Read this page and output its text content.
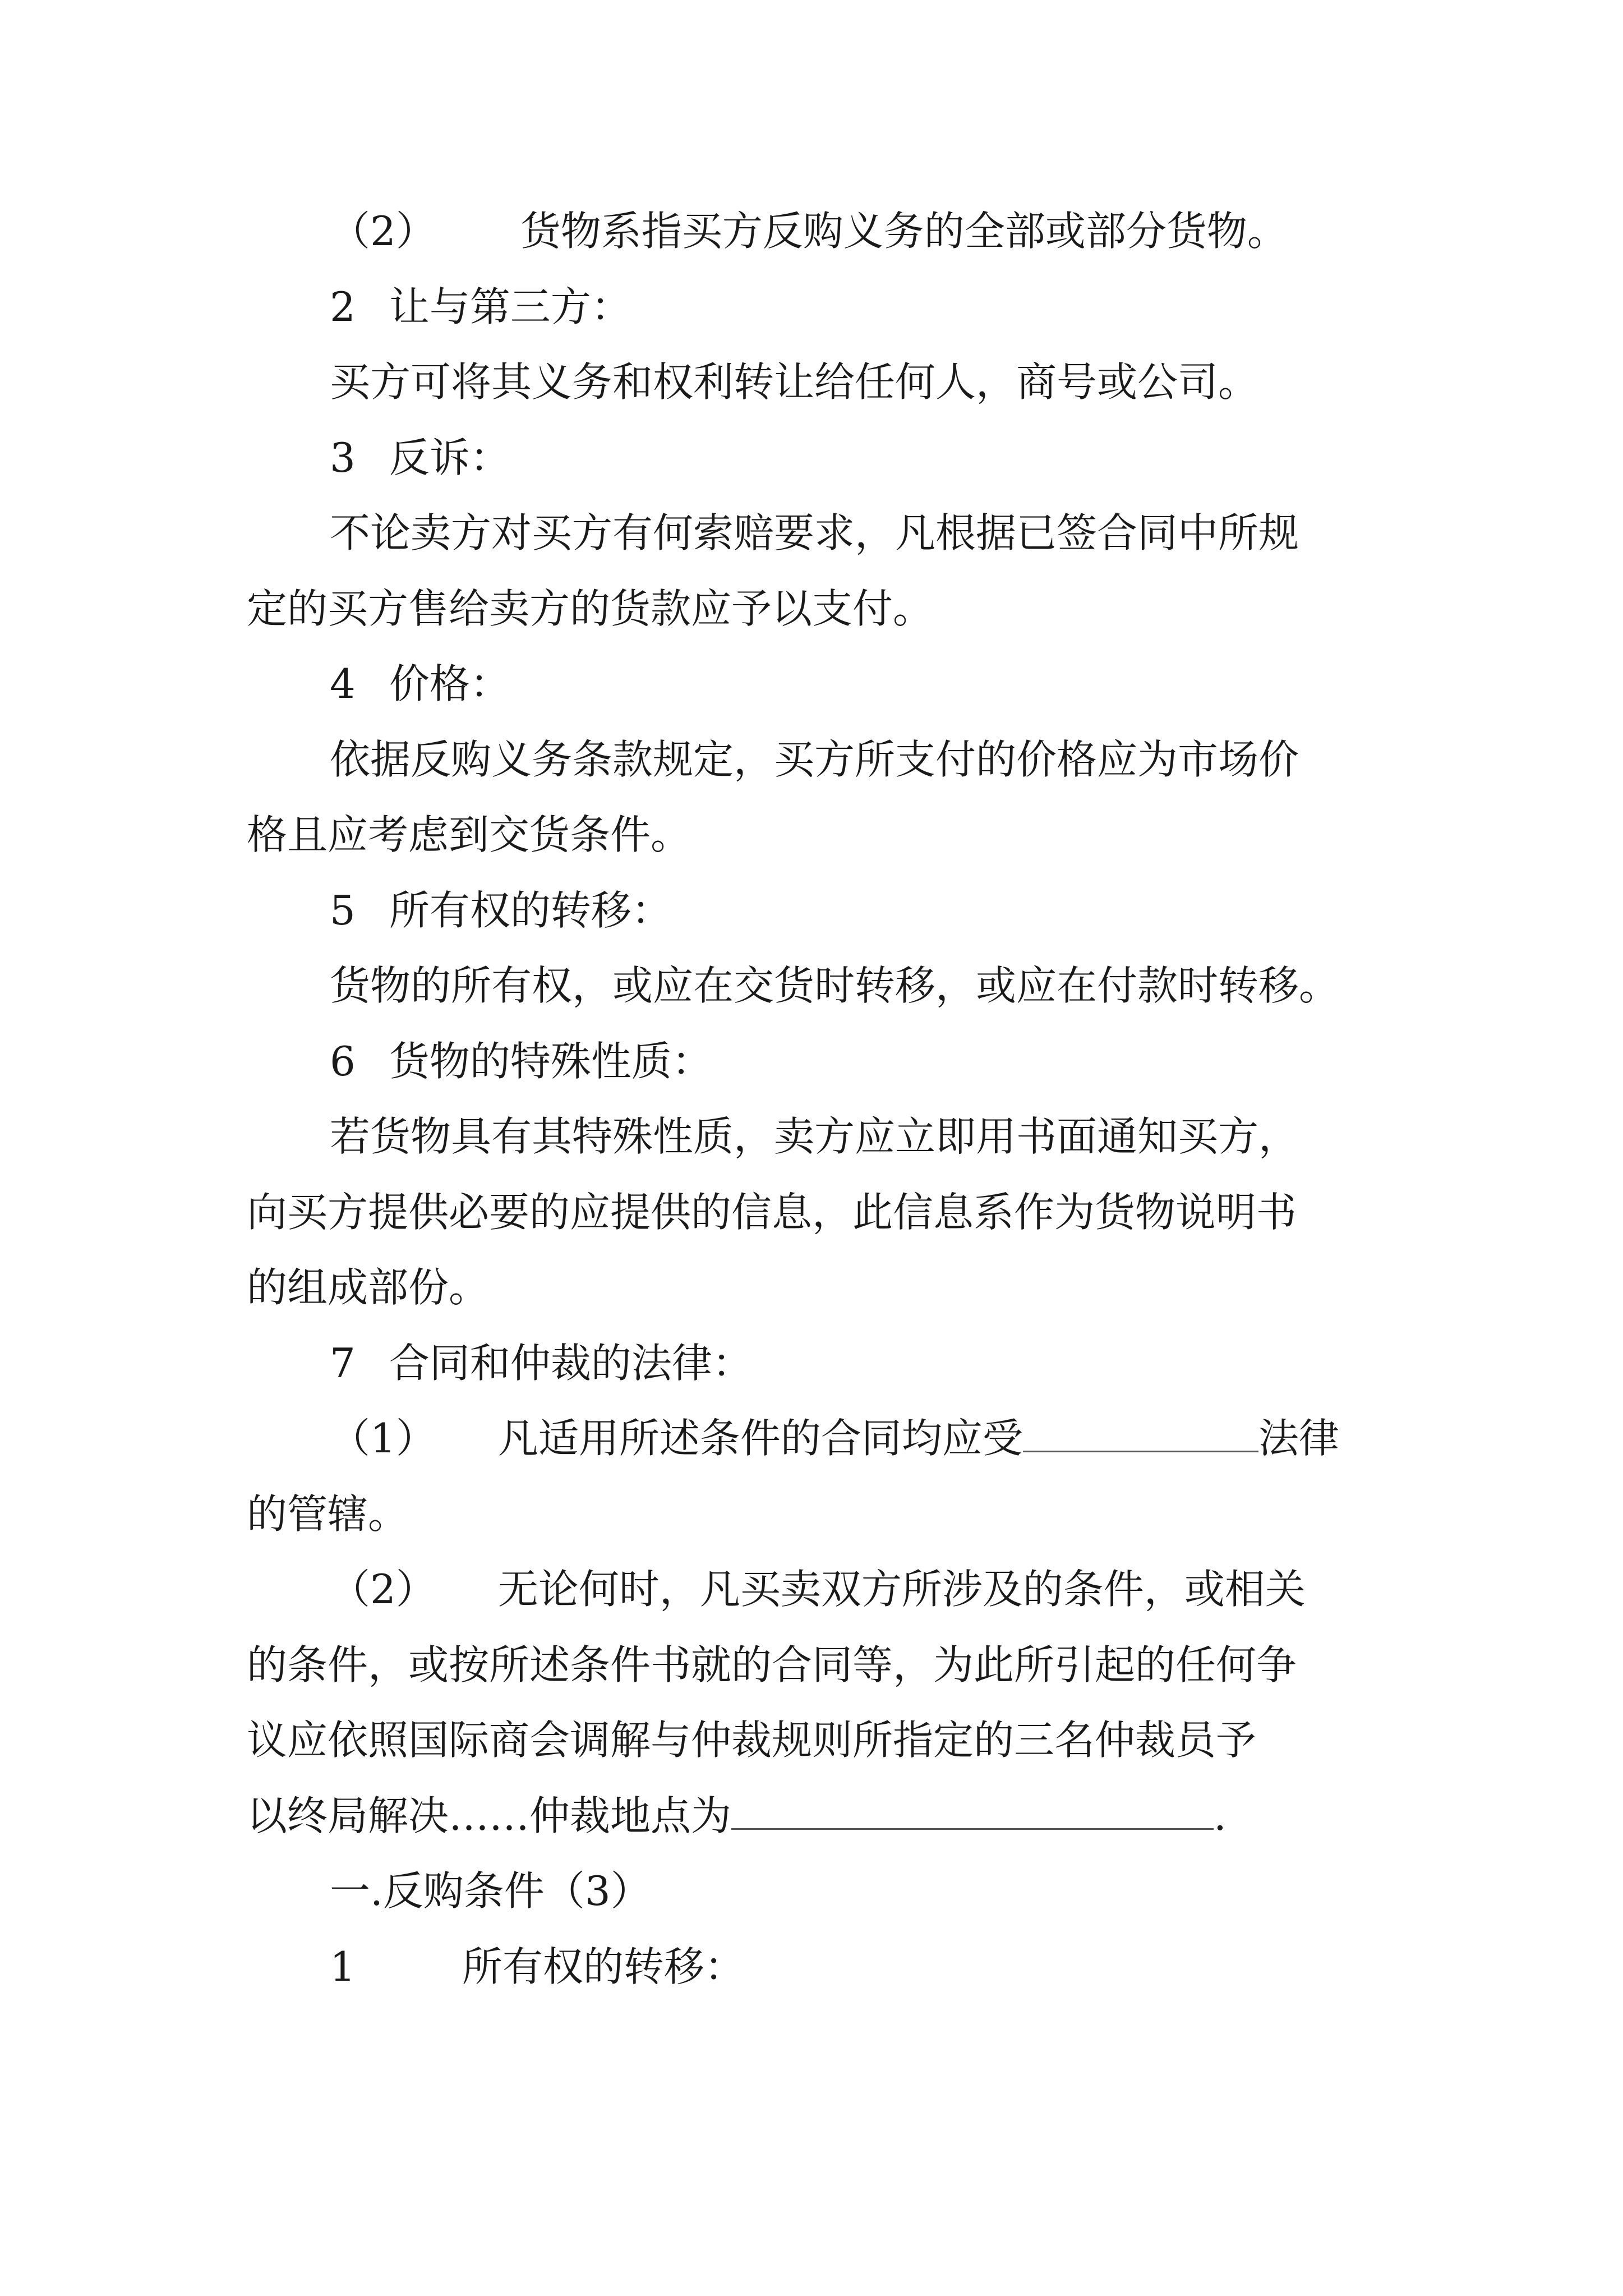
（2） 货物系指买方反购义务的全部或部分货物。

2 让与第三方：

买方可将其义务和权利转让给任何人，商号或公司。

3 反诉：

不论卖方对买方有何索赔要求，凡根据已签合同中所规

定的买方售给卖方的货款应予以支付。

4 价格：

依据反购义务条款规定，买方所支付的价格应为市场价

格且应考虑到交货条件。

5 所有权的转移：

货物的所有权，或应在交货时转移，或应在付款时转移。

6 货物的特殊性质：

若货物具有其特殊性质，卖方应立即用书面通知买方，

向买方提供必要的应提供的信息，此信息系作为货物说明书

的组成部份。

7 合同和仲裁的法律：

（1） 凡适用所述条件的合同均应受	法律

的管辖。

（2） 无论何时，凡买卖双方所涉及的条件，或相关

的条件，或按所述条件书就的合同等，为此所引起的任何争

议应依照国际商会调解与仲裁规则所指定的三名仲裁员予

以终局解决……仲裁地点为	.

一.反购条件（3）

1	所有权的转移：
